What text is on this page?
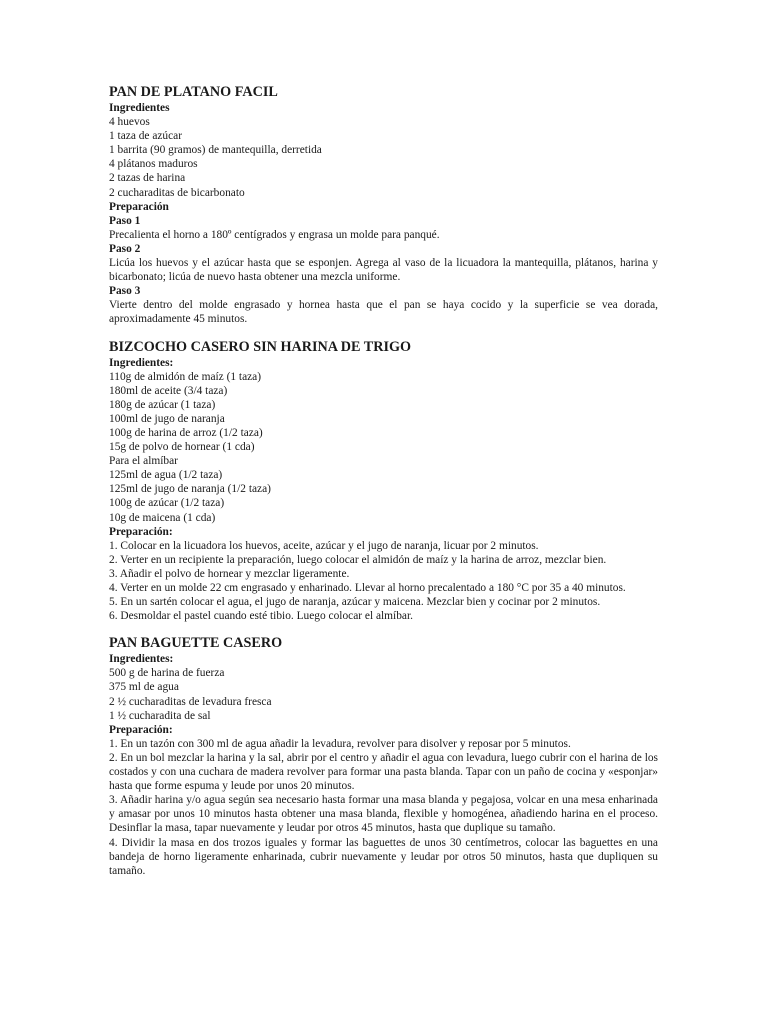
PAN DE PLATANO FACIL

Ingredientes

4 huevos

1 taza de azúcar

1 barrita (90 gramos) de mantequilla, derretida

4 plátanos maduros

2 tazas de harina

2 cucharaditas de bicarbonato

Preparación

Paso 1

Precalienta el horno a 180º centígrados y engrasa un molde para panqué.

Paso 2

Licúa los huevos y el azúcar hasta que se esponjen. Agrega al vaso de la licuadora la mantequilla, plátanos, harina y bicarbonato; licúa de nuevo hasta obtener una mezcla uniforme.

Paso 3

Vierte dentro del molde engrasado y hornea hasta que el pan se haya cocido y la superficie se vea dorada, aproximadamente 45 minutos.

BIZCOCHO CASERO SIN HARINA DE TRIGO

Ingredientes:

110g de almidón de maíz (1 taza)

180ml de aceite (3/4 taza)

180g de azúcar (1 taza)

100ml de jugo de naranja

100g de harina de arroz (1/2 taza)

15g de polvo de hornear (1 cda)

Para el almíbar

125ml de agua (1/2 taza)

125ml de jugo de naranja (1/2 taza)

100g de azúcar (1/2 taza)

10g de maicena (1 cda)

Preparación:

1. Colocar en la licuadora los huevos, aceite, azúcar y el jugo de naranja, licuar por 2 minutos.

2. Verter en un recipiente la preparación, luego colocar el almidón de maíz y la harina de arroz, mezclar bien.

3. Añadir el polvo de hornear y mezclar ligeramente.

4. Verter en un molde 22 cm engrasado y enharinado. Llevar al horno precalentado a 180 °C por 35 a 40 minutos.

5. En un sartén colocar el agua, el jugo de naranja, azúcar y maicena. Mezclar bien y cocinar por 2 minutos.

6. Desmoldar el pastel cuando esté tibio. Luego colocar el almíbar.

PAN BAGUETTE CASERO

Ingredientes:

500 g de harina de fuerza

375 ml de agua

2 ½ cucharaditas de levadura fresca

1 ½ cucharadita de sal

Preparación:

1. En un tazón con 300 ml de agua añadir la levadura, revolver para disolver y reposar por 5 minutos.

2. En un bol mezclar la harina y la sal, abrir por el centro y añadir el agua con levadura, luego cubrir con el harina de los costados y con una cuchara de madera revolver para formar una pasta blanda. Tapar con un paño de cocina y «esponjar» hasta que forme espuma y leude por unos 20 minutos.

3. Añadir harina y/o agua según sea necesario hasta formar una masa blanda y pegajosa, volcar en una mesa enharinada y amasar por unos 10 minutos hasta obtener una masa blanda, flexible y homogénea, añadiendo harina en el proceso. Desinflar la masa, tapar nuevamente y leudar por otros 45 minutos, hasta que duplique su tamaño.

4. Dividir la masa en dos trozos iguales y formar las baguettes de unos 30 centímetros, colocar las baguettes en una bandeja de horno ligeramente enharinada, cubrir nuevamente y leudar por otros 50 minutos, hasta que dupliquen su tamaño.
